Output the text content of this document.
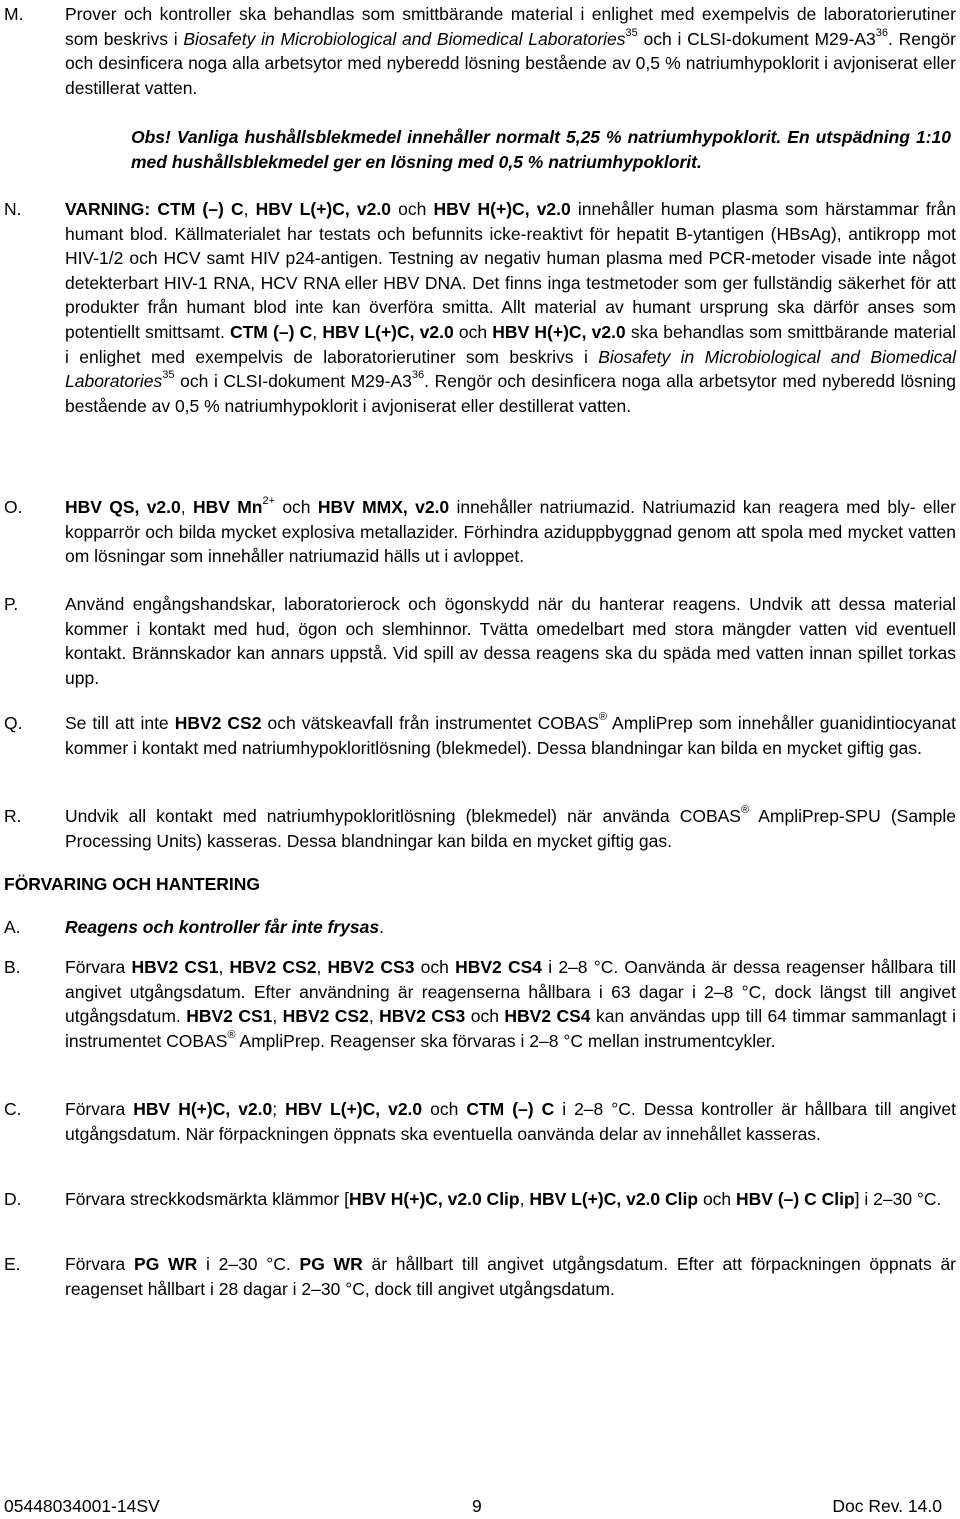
M.	Prover och kontroller ska behandlas som smittbärande material i enlighet med exempelvis de laboratorierutiner som beskrivs i Biosafety in Microbiological and Biomedical Laboratories$^{35}$ och i CLSI-dokument $M29-A3^{36}$. Rengör och desinficera noga alla arbetsytor med nyberedd lösning bestående av 0,5 % natriumhypoklorit i avjoniserat eller destillerat vatten.
Obs! Vanliga hushållsblekmedel innehåller normalt 5,25 % natriumhypoklorit. En utspädning 1:10 med hushållsblekmedel ger en lösning med 0,5 % natriumhypoklorit.
N.	VARNING: CTM (–) C, HBV L(+)C, v2.0 och HBV H(+)C, v2.0 innehåller human plasma som härstammar från humant blod. Källmaterialet har testats och befunnits icke-reaktivt för hepatit B-ytantigen (HBsAg), antikropp mot HIV-1/2 och HCV samt HIV p24-antigen. Testning av negativ human plasma med PCR-metoder visade inte något detekterbart HIV-1 RNA, HCV RNA eller HBV DNA. Det finns inga testmetoder som ger fullständig säkerhet för att produkter från humant blod inte kan överföra smitta. Allt material av humant ursprung ska därför anses som potentiellt smittsamt. CTM (–) C, HBV L(+)C, v2.0 och HBV H(+)C, v2.0 ska behandlas som smittbärande material i enlighet med exempelvis de laboratorierutiner som beskrivs i Biosafety in Microbiological and Biomedical Laboratories$^{35}$ och i CLSI-dokument $M29-A3^{36}$. Rengör och desinficera noga alla arbetsytor med nyberedd lösning bestående av 0,5 % natriumhypoklorit i avjoniserat eller destillerat vatten.
O.	HBV QS, v2.0, HBV $Mn^{2+}$ och HBV MMX, v2.0 innehåller natriumazid. Natriumazid kan reagera med bly- eller kopparrör och bilda mycket explosiva metallazider. Förhindra aziduppbyggnad genom att spola med mycket vatten om lösningar som innehåller natriumazid hälls ut i avloppet.
P.	Använd engångshandskar, laboratorierock och ögonskydd när du hanterar reagens. Undvik att dessa material kommer i kontakt med hud, ögon och slemhinnor. Tvätta omedelbart med stora mängder vatten vid eventuell kontakt. Brännskador kan annars uppstå. Vid spill av dessa reagens ska du späda med vatten innan spillet torkas upp.
Q.	Se till att inte HBV2 CS2 och vätskeavfall från instrumentet COBAS® AmpliPrep som innehåller guanidintiocyanat kommer i kontakt med natriumhypokloritlösning (blekmedel). Dessa blandningar kan bilda en mycket giftig gas.
R.	Undvik all kontakt med natriumhypokloritlösning (blekmedel) när använda COBAS® AmpliPrep-SPU (Sample Processing Units) kasseras. Dessa blandningar kan bilda en mycket giftig gas.
FÖRVARING OCH HANTERING
A.	Reagens och kontroller får inte frysas.
B.	Förvara HBV2 CS1, HBV2 CS2, HBV2 CS3 och HBV2 CS4 i 2–8 °C. Oanvända är dessa reagenser hållbara till angivet utgångsdatum. Efter användning är reagenserna hållbara i 63 dagar i 2–8 °C, dock längst till angivet utgångsdatum. HBV2 CS1, HBV2 CS2, HBV2 CS3 och HBV2 CS4 kan användas upp till 64 timmar sammanlagt i instrumentet COBAS® AmpliPrep. Reagenser ska förvaras i 2–8 °C mellan instrumentcykler.
C.	Förvara HBV H(+)C, v2.0; HBV L(+)C, v2.0 och CTM (–) C i 2–8 °C. Dessa kontroller är hållbara till angivet utgångsdatum. När förpackningen öppnats ska eventuella oanvända delar av innehållet kasseras.
D.	Förvara streckkodsmärkta klämmor [HBV H(+)C, v2.0 Clip, HBV L(+)C, v2.0 Clip och HBV (–) C Clip] i 2–30 °C.
E.	Förvara PG WR i 2–30 °C. PG WR är hållbart till angivet utgångsdatum. Efter att förpackningen öppnats är reagenset hållbart i 28 dagar i 2–30 °C, dock till angivet utgångsdatum.
05448034001-14SV	9	Doc Rev. 14.0
